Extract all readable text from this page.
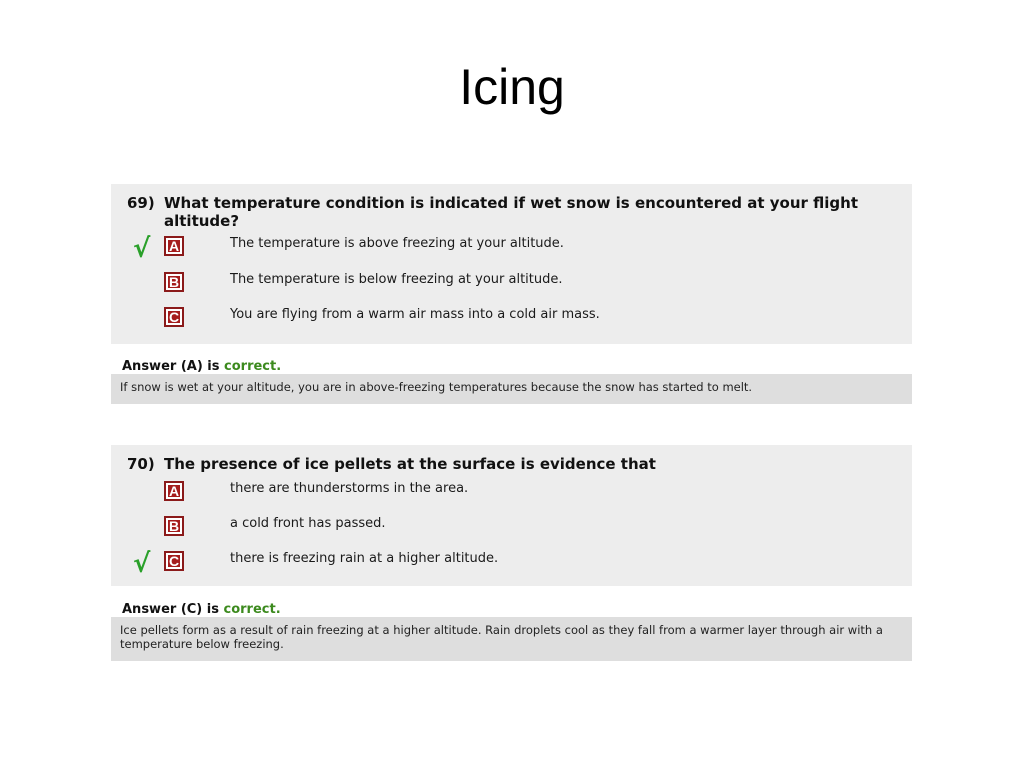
Icing
69) What temperature condition is indicated if wet snow is encountered at your flight altitude?
√ A	The temperature is above freezing at your altitude.
B	The temperature is below freezing at your altitude.
C	You are flying from a warm air mass into a cold air mass.
Answer (A) is correct.
If snow is wet at your altitude, you are in above-freezing temperatures because the snow has started to melt.
70) The presence of ice pellets at the surface is evidence that
A	there are thunderstorms in the area.
B	a cold front has passed.
√ C	there is freezing rain at a higher altitude.
Answer (C) is correct.
Ice pellets form as a result of rain freezing at a higher altitude. Rain droplets cool as they fall from a warmer layer through air with a temperature below freezing.
